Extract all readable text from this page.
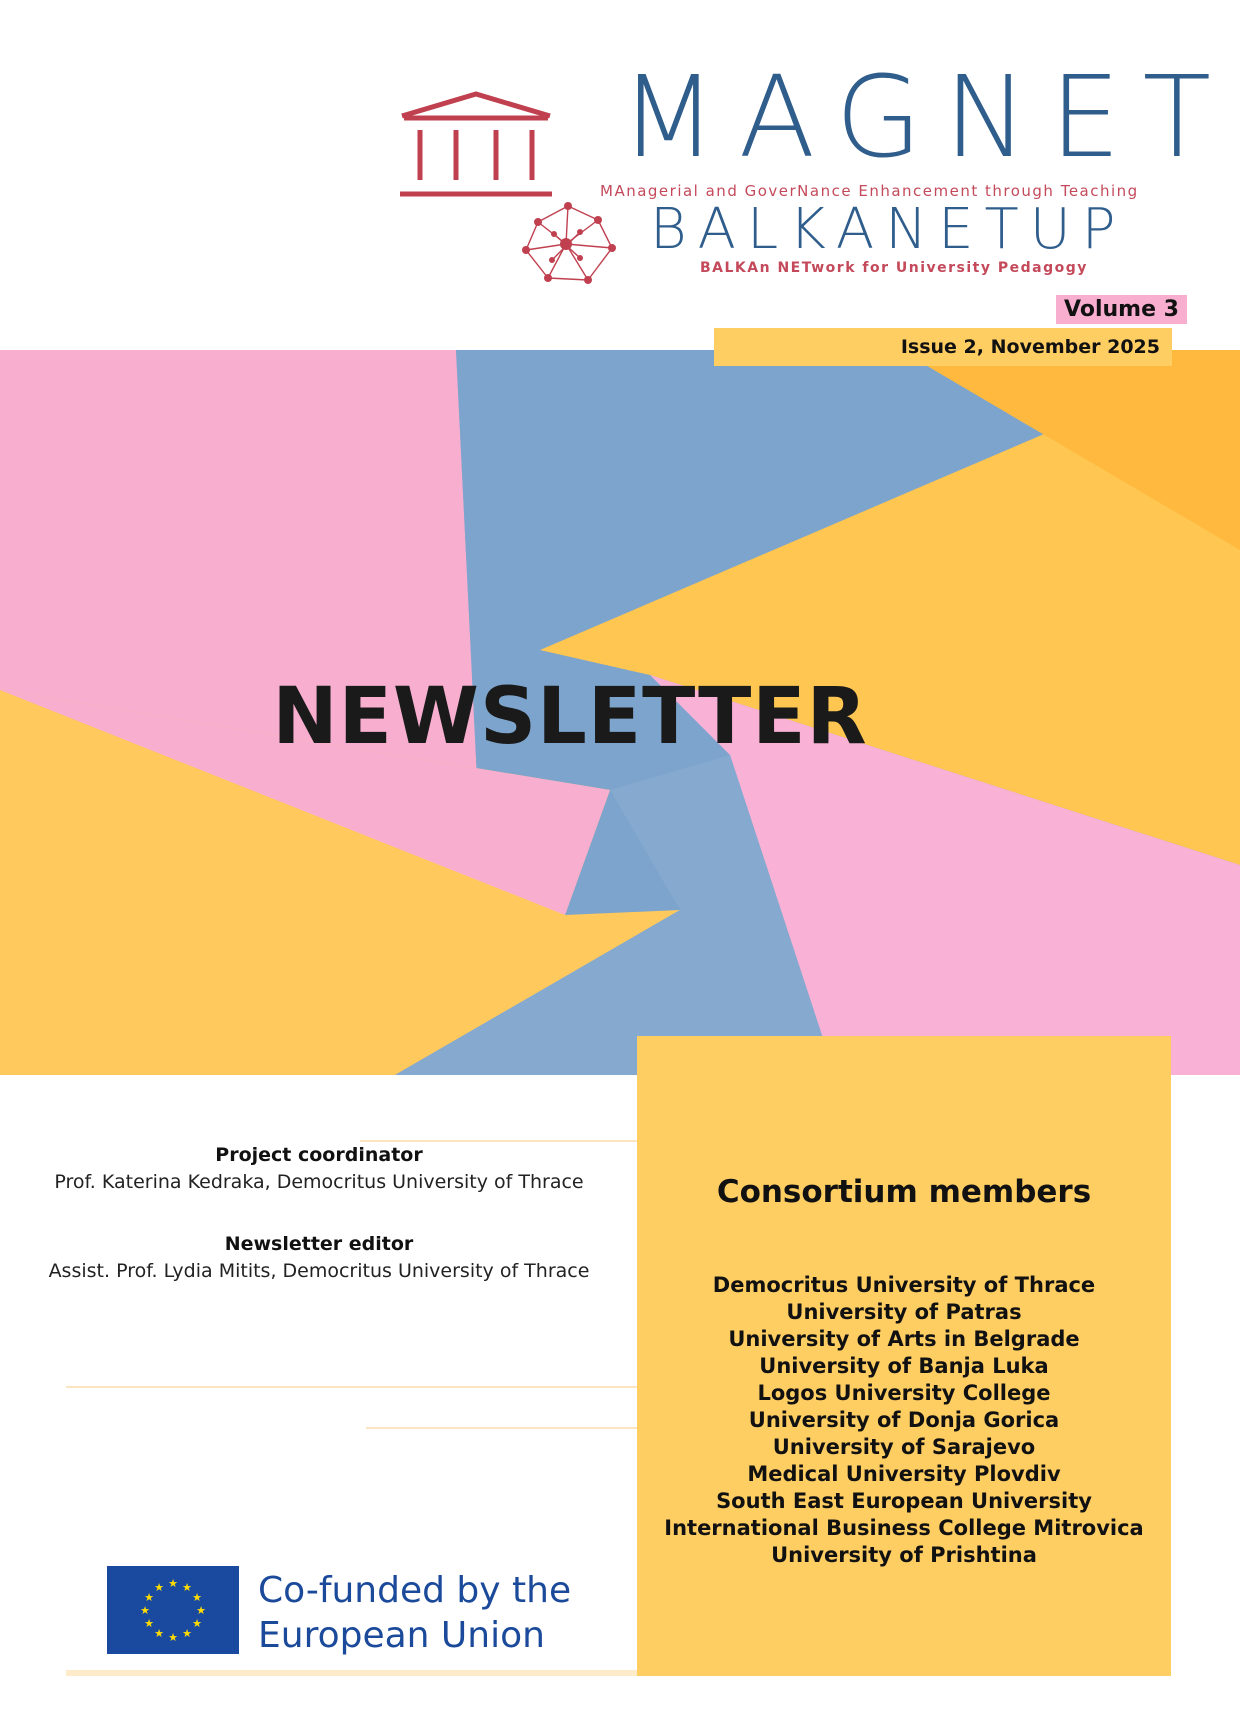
MAGNET
MAnagerial and GoverNance Enhancement through Teaching
BALKANETUP
BALKAn NETwork for University Pedagogy
Volume 3
Issue 2, November 2025
NEWSLETTER
Project coordinator
Prof. Katerina Kedraka, Democritus University of Thrace
Newsletter editor
Assist. Prof. Lydia Mitits, Democritus University of Thrace
Consortium members
Democritus University of Thrace
University of Patras
University of Arts in Belgrade
University of Banja Luka
Logos University College
University of Donja Gorica
University of Sarajevo
Medical University Plovdiv
South East European University
International Business College Mitrovica
University of Prishtina
★ ★
★
★
★
★
★
★
★
★
★
★	Co-funded by the
European Union
